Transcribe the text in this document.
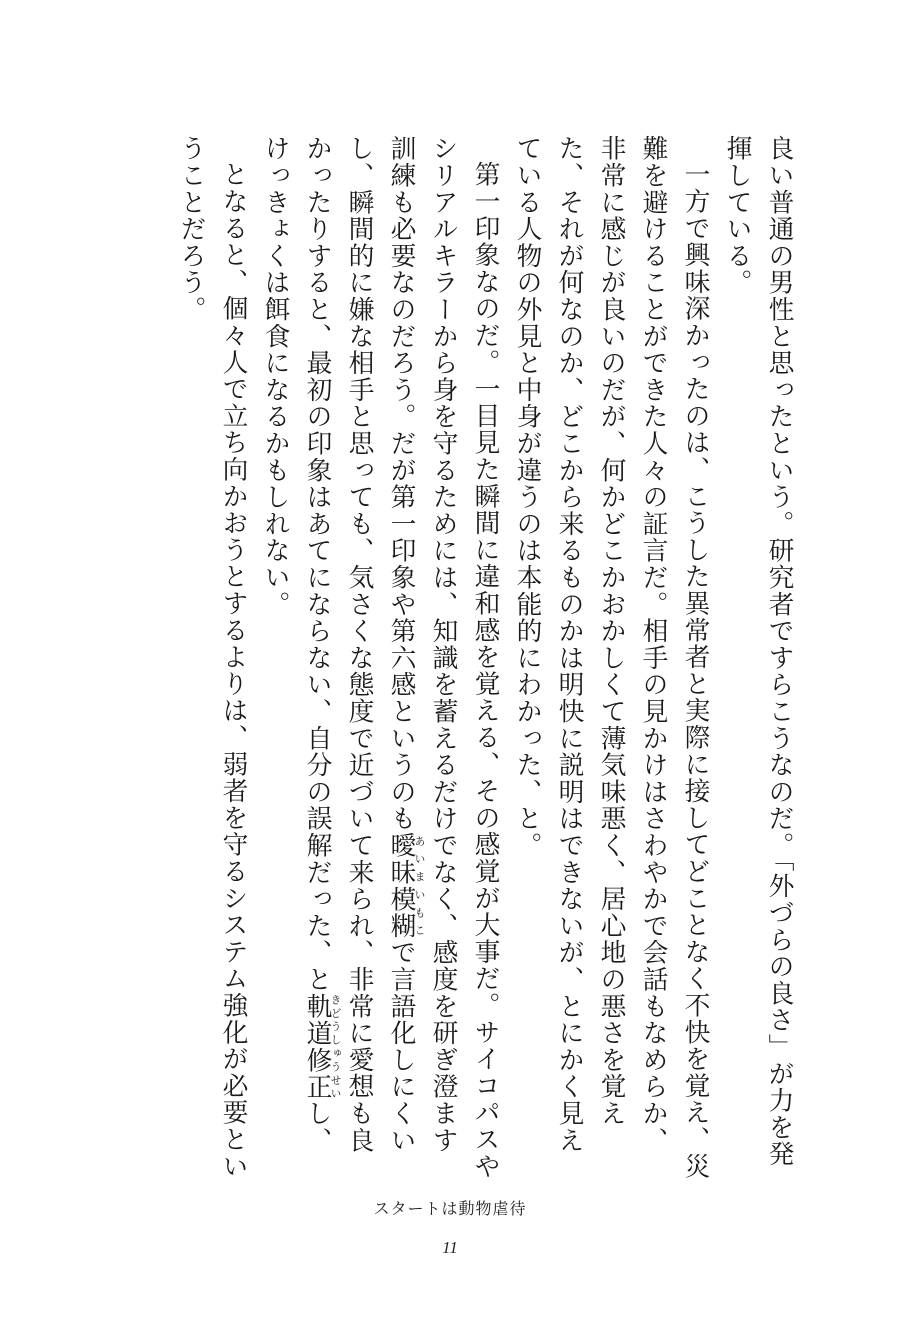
良い普通の男性と思ったという。研究者ですらこうなのだ。「外づらの良さ」が力を発揮している。

一方で興味深かったのは、こうした異常者と実際に接してどことなく不快を覚え、災難を避けることができた人々の証言だ。相手の見かけはさわやかで会話もなめらか、非常に感じが良いのだが、何かどこかおかしくて薄気味悪く、居心地の悪さを覚えた、それが何なのか、どこから来るものかは明快に説明はできないが、とにかく見えている人物の外見と中身が違うのは本能的にわかった、と。

第一印象なのだ。一目見た瞬間に違和感を覚える、その感覚が大事だ。サイコパスやシリアルキラーから身を守るためには、知識を蓄えるだけでなく、感度を研ぎ澄ます訓練も必要なのだろう。だが第一印象や第六感というのも曖昧模糊あいまいもこで言語化しにくいし、瞬間的に嫌な相手と思っても、気さくな態度で近づいて来られ、非常に愛想も良かったりすると、最初の印象はあてにならない、自分の誤解だった、と軌道修正きどうしゅうせいし、けっきょくは餌食になるかもしれない。

となると、個々人で立ち向かおうとするよりは、弱者を守るシステム強化が必要ということだろう。

スタートは動物虐待
11
